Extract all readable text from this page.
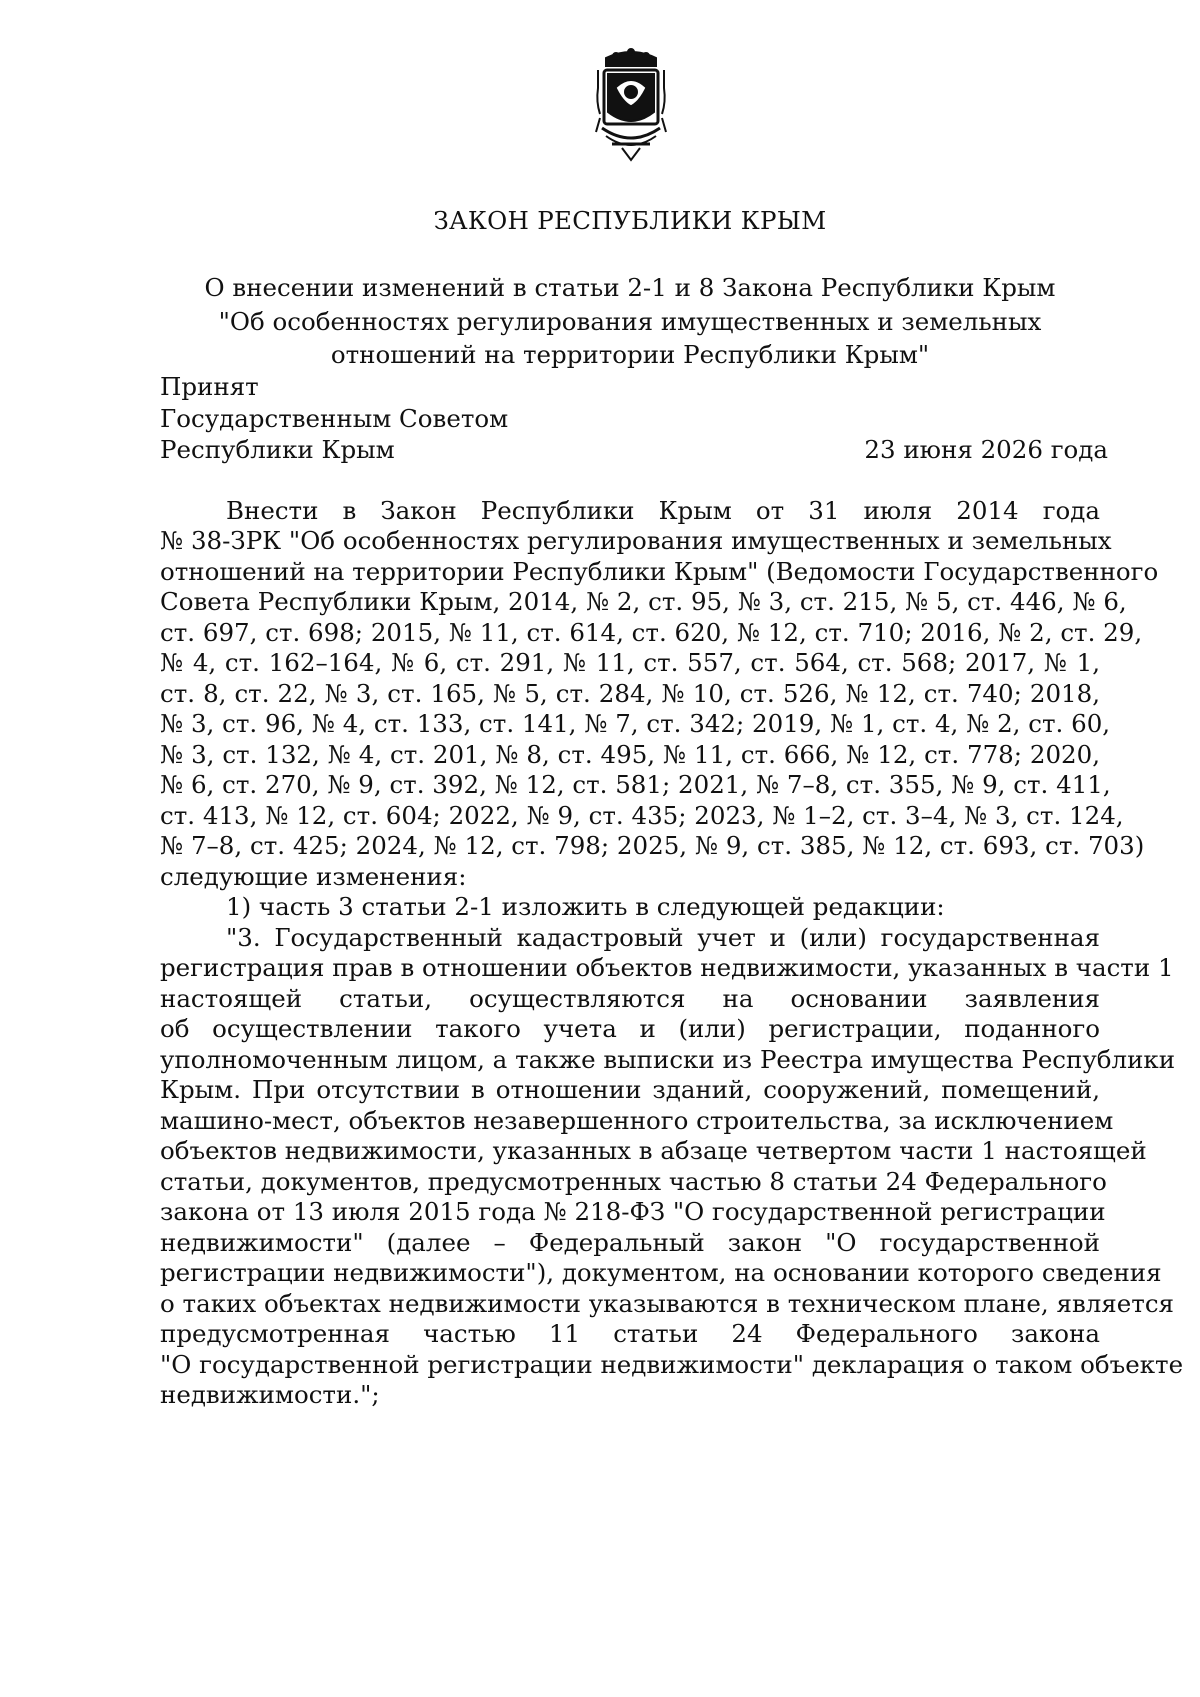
ЗАКОН РЕСПУБЛИКИ КРЫМ
О внесении изменений в статьи 2-1 и 8 Закона Республики Крым
"Об особенностях регулирования имущественных и земельных
отношений на территории Республики Крым"
Принят
Государственным Советом
Республики Крым	23 июня 2026 года
Внести в Закон Республики Крым от 31 июля 2014 года
№ 38-ЗРК "Об особенностях регулирования имущественных и земельных
отношений на территории Республики Крым" (Ведомости Государственного
Совета Республики Крым, 2014, № 2, ст. 95, № 3, ст. 215, № 5, ст. 446, № 6,
ст. 697, ст. 698; 2015, № 11, ст. 614, ст. 620, № 12, ст. 710; 2016, № 2, ст. 29,
№ 4, ст. 162–164, № 6, ст. 291, № 11, ст. 557, ст. 564, ст. 568; 2017, № 1,
ст. 8, ст. 22, № 3, ст. 165, № 5, ст. 284, № 10, ст. 526, № 12, ст. 740; 2018,
№ 3, ст. 96, № 4, ст. 133, ст. 141, № 7, ст. 342; 2019, № 1, ст. 4, № 2, ст. 60,
№ 3, ст. 132, № 4, ст. 201, № 8, ст. 495, № 11, ст. 666, № 12, ст. 778; 2020,
№ 6, ст. 270, № 9, ст. 392, № 12, ст. 581; 2021, № 7–8, ст. 355, № 9, ст. 411,
ст. 413, № 12, ст. 604; 2022, № 9, ст. 435; 2023, № 1–2, ст. 3–4, № 3, ст. 124,
№ 7–8, ст. 425; 2024, № 12, ст. 798; 2025, № 9, ст. 385, № 12, ст. 693, ст. 703)
следующие изменения:
1) часть 3 статьи 2-1 изложить в следующей редакции:
"3. Государственный кадастровый учет и (или) государственная
регистрация прав в отношении объектов недвижимости, указанных в части 1
настоящей статьи, осуществляются на основании заявления
об осуществлении такого учета и (или) регистрации, поданного
уполномоченным лицом, а также выписки из Реестра имущества Республики
Крым. При отсутствии в отношении зданий, сооружений, помещений,
машино-мест, объектов незавершенного строительства, за исключением
объектов недвижимости, указанных в абзаце четвертом части 1 настоящей
статьи, документов, предусмотренных частью 8 статьи 24 Федерального
закона от 13 июля 2015 года № 218-ФЗ "О государственной регистрации
недвижимости" (далее – Федеральный закон "О государственной
регистрации недвижимости"), документом, на основании которого сведения
о таких объектах недвижимости указываются в техническом плане, является
предусмотренная частью 11 статьи 24 Федерального закона
"О государственной регистрации недвижимости" декларация о таком объекте
недвижимости.";
